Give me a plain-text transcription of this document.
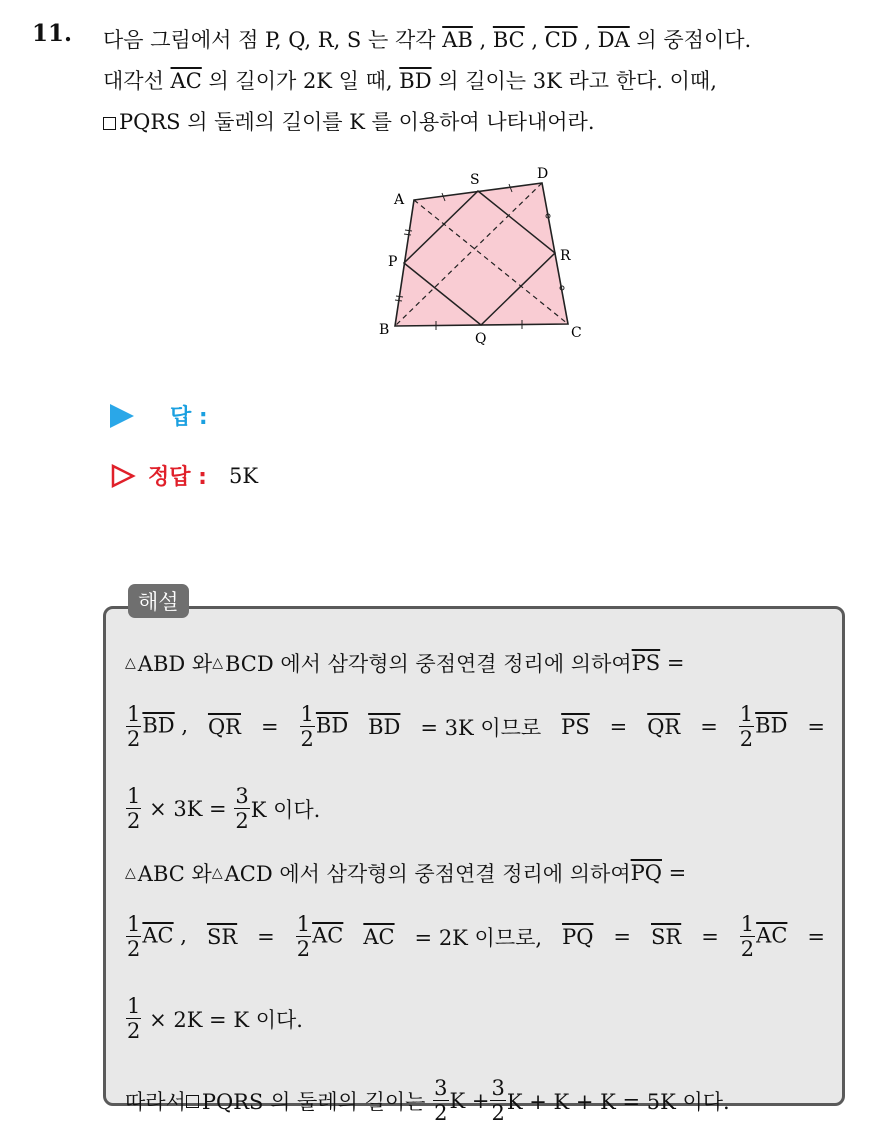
11. 다음 그림에서 점 P, Q, R, S 는 각각 $\overline{AB}$ , $\overline{BC}$ , $\overline{CD}$ , $\overline{DA}$ 의 중점이다.
대각선 $\overline{AC}$ 의 길이가 2K 일 때, $\overline{BD}$ 의 길이는 3K 라고 한다. 이때,
PQRS 의 둘레의 길이를 K 를 이용하여 나타내어라.
A
S	D
P	R
B
Q	C
답 :
정답 : 5K
해설
△ ABD 와 △ BCD 에서 삼각형의 중점연결 정리에 의하여 $\overline{PS}$
=
$\frac{1}{2} \overline{BD}$ , $\overline{QR} = \frac{1}{2} \overline{BD}$ $\overline{BD} = 3K$ 이므로 $\overline{PS} = \overline{QR} = \frac{1}{2} \overline{BD}$ =
$\frac{1}{2}$
× 3K =
$\frac{3}{2}$ K 이다.
△ ABC 와 △ ACD 에서 삼각형의 중점연결 정리에 의하여 $\overline{PQ}$
=
$\frac{1}{2} \overline{AC}$ , $\overline{SR} = \frac{1}{2} \overline{AC}$ $\overline{AC} = 2K$ 이므로, $\overline{PQ} = \overline{SR} = \frac{1}{2} \overline{AC}$ =
$\frac{1}{2}$
× 2K = K 이다.
따라서 PQRS 의 둘레의 길이는
$\frac{3}{2}$ $K + \frac{3}{2}$ K + K + K = 5K 이다.
